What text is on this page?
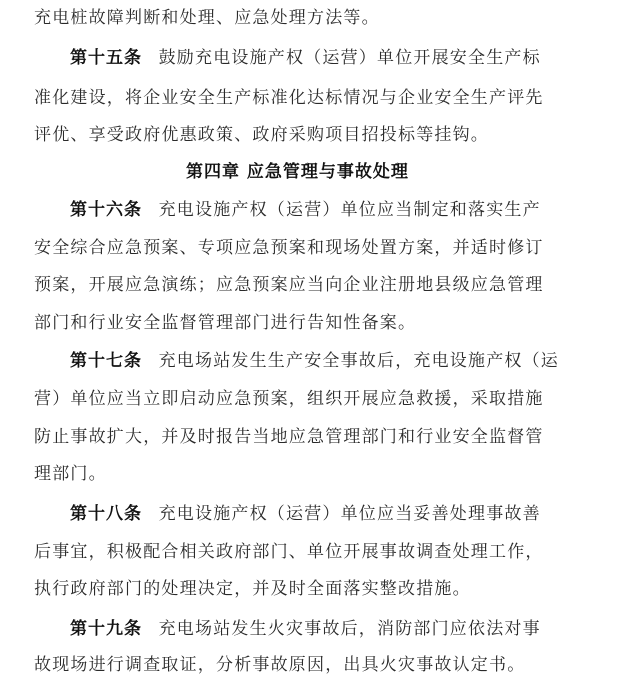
充电桩故障判断和处理、应急处理方法等。
第十五条 鼓励充电设施产权（运营）单位开展安全生产标
准化建设，将企业安全生产标准化达标情况与企业安全生产评先
评优、享受政府优惠政策、政府采购项目招投标等挂钩。
第四章 应急管理与事故处理
第十六条 充电设施产权（运营）单位应当制定和落实生产
安全综合应急预案、专项应急预案和现场处置方案，并适时修订
预案，开展应急演练；应急预案应当向企业注册地县级应急管理
部门和行业安全监督管理部门进行告知性备案。
第十七条 充电场站发生生产安全事故后，充电设施产权（运
营）单位应当立即启动应急预案，组织开展应急救援，采取措施
防止事故扩大，并及时报告当地应急管理部门和行业安全监督管
理部门。
第十八条 充电设施产权（运营）单位应当妥善处理事故善
后事宜，积极配合相关政府部门、单位开展事故调查处理工作，
执行政府部门的处理决定，并及时全面落实整改措施。
第十九条 充电场站发生火灾事故后，消防部门应依法对事
故现场进行调查取证，分析事故原因，出具火灾事故认定书。
